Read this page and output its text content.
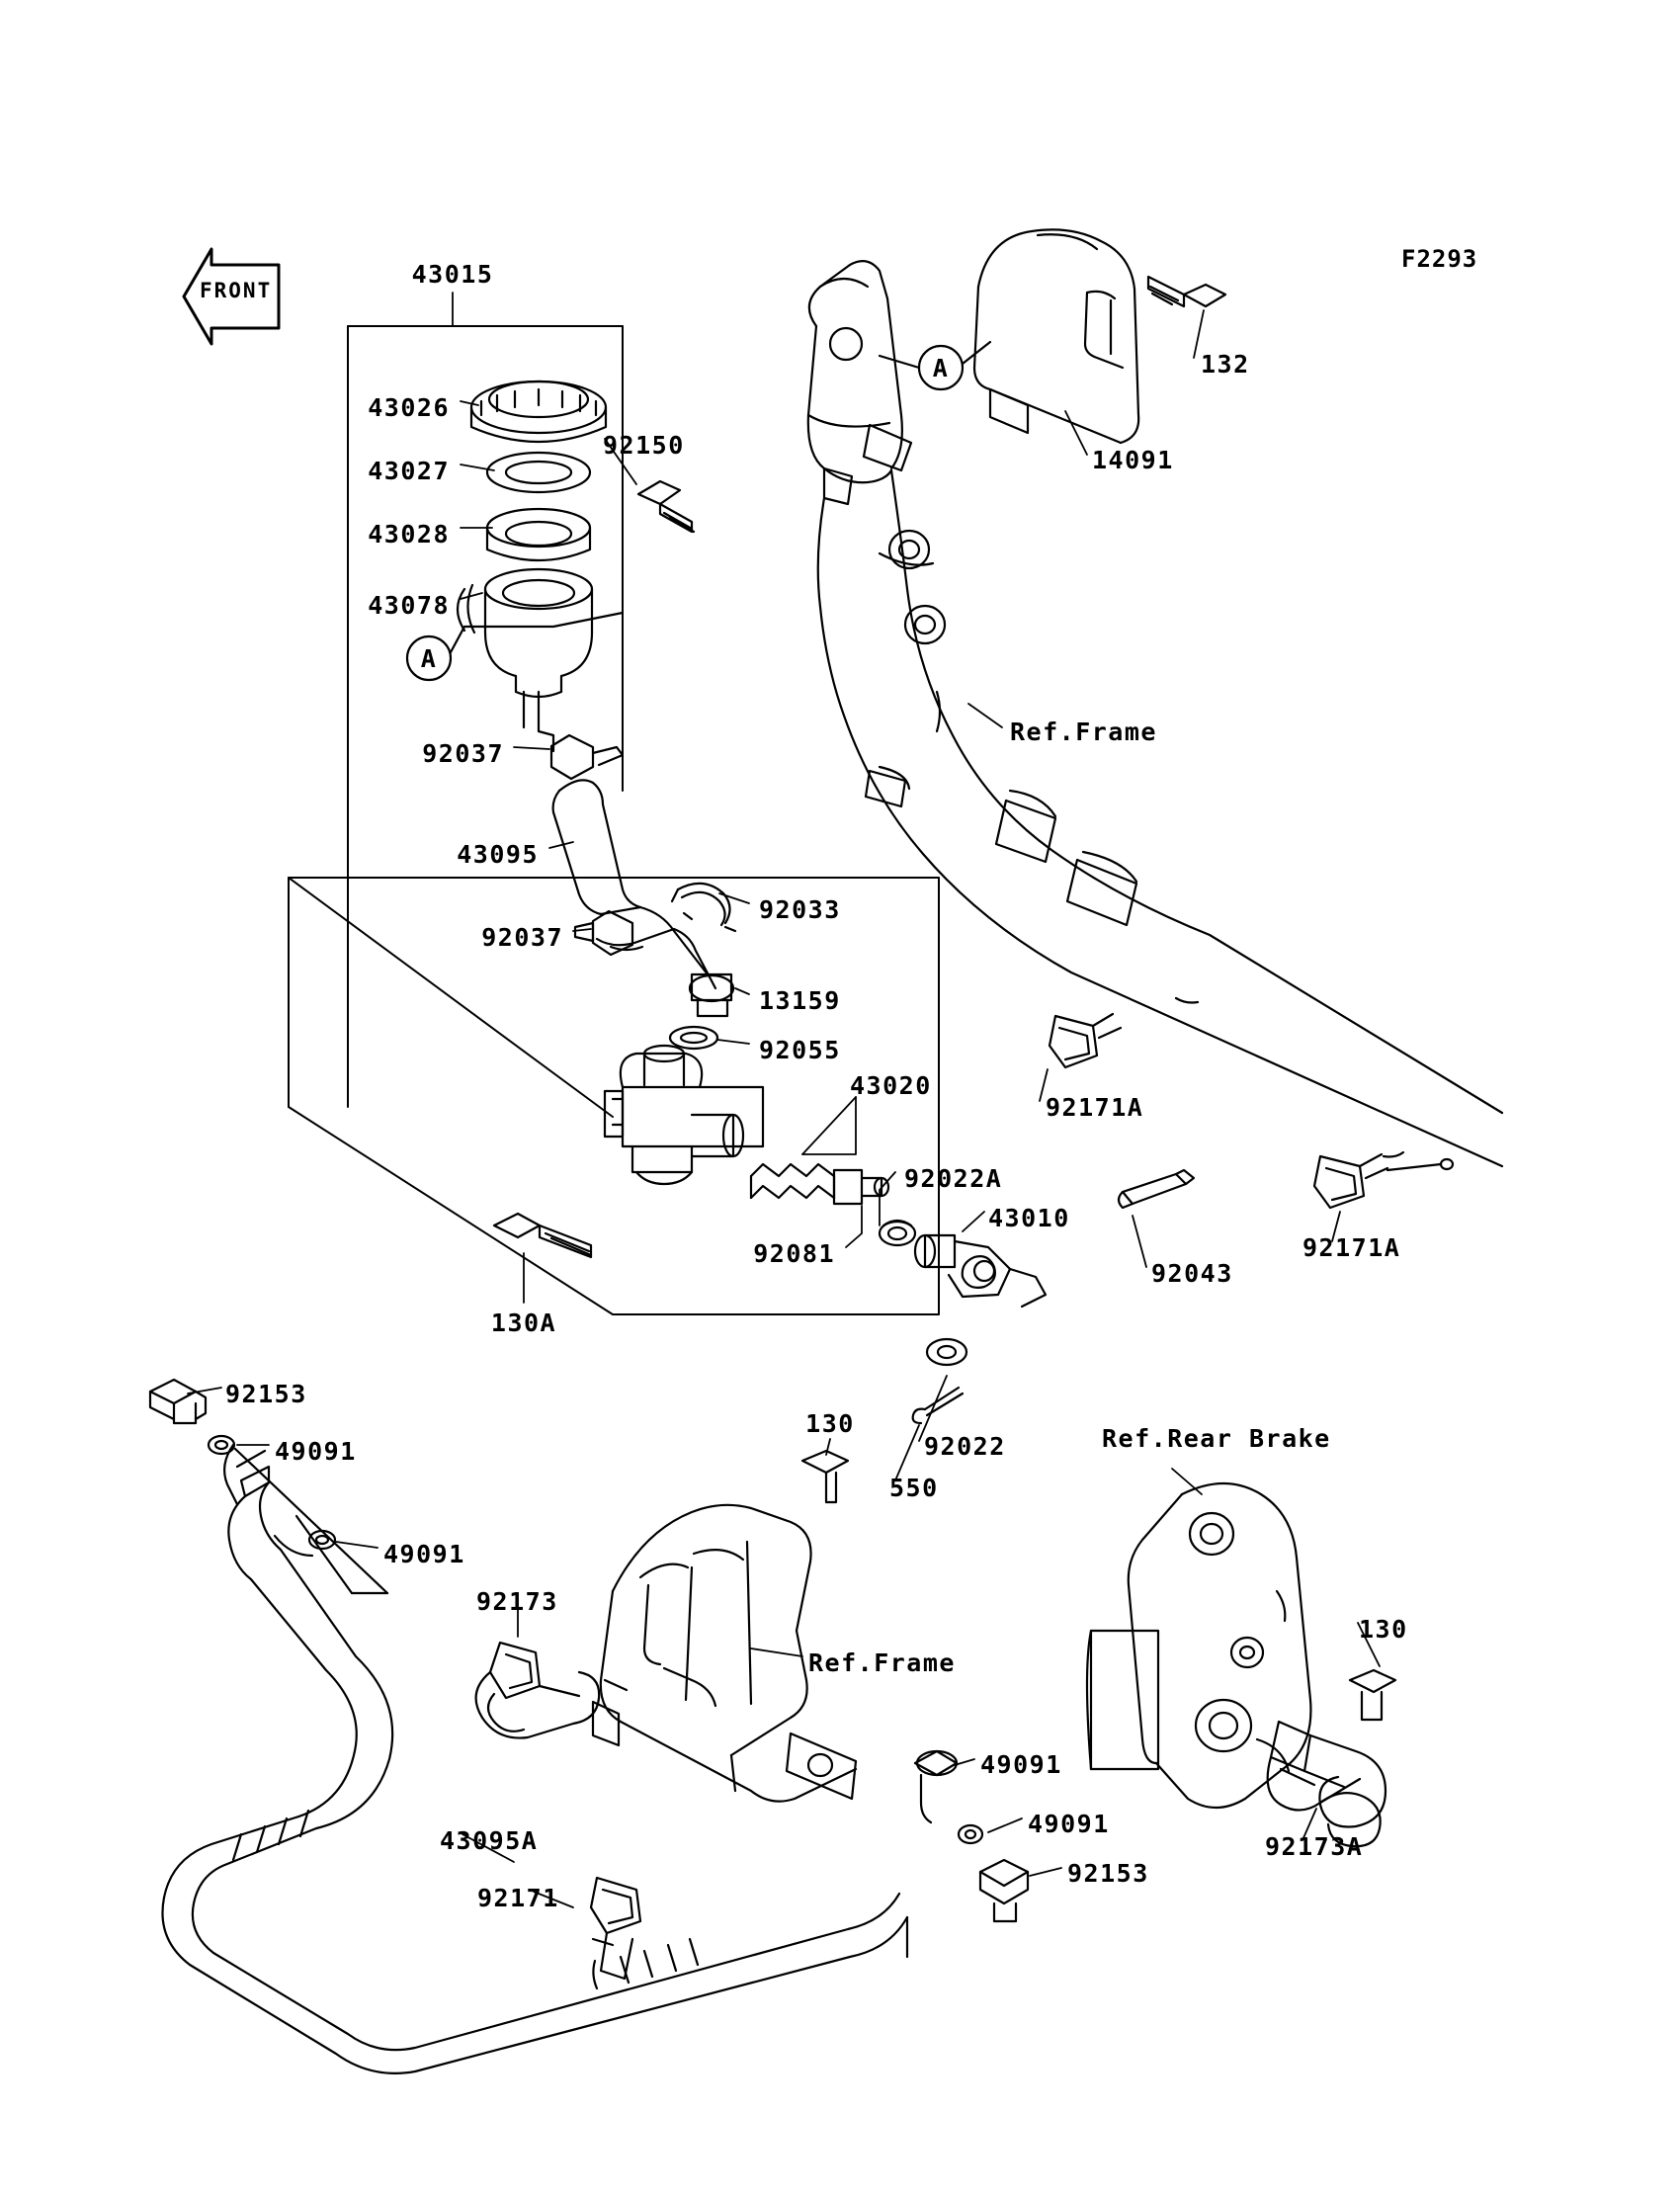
F2293
FRONT
A
A
43015
43026
43027
43028
43078
92150
92037
43095
92037
92033
13159
92055
43020
92022A
92081
43010
92043
130A
92022
550
130
132
14091
Ref.Frame
92171A
92171A
92153
49091
49091
92173
Ref.Frame
43095A
92171
49091
49091
92153
Ref.Rear Brake
130
92173A
